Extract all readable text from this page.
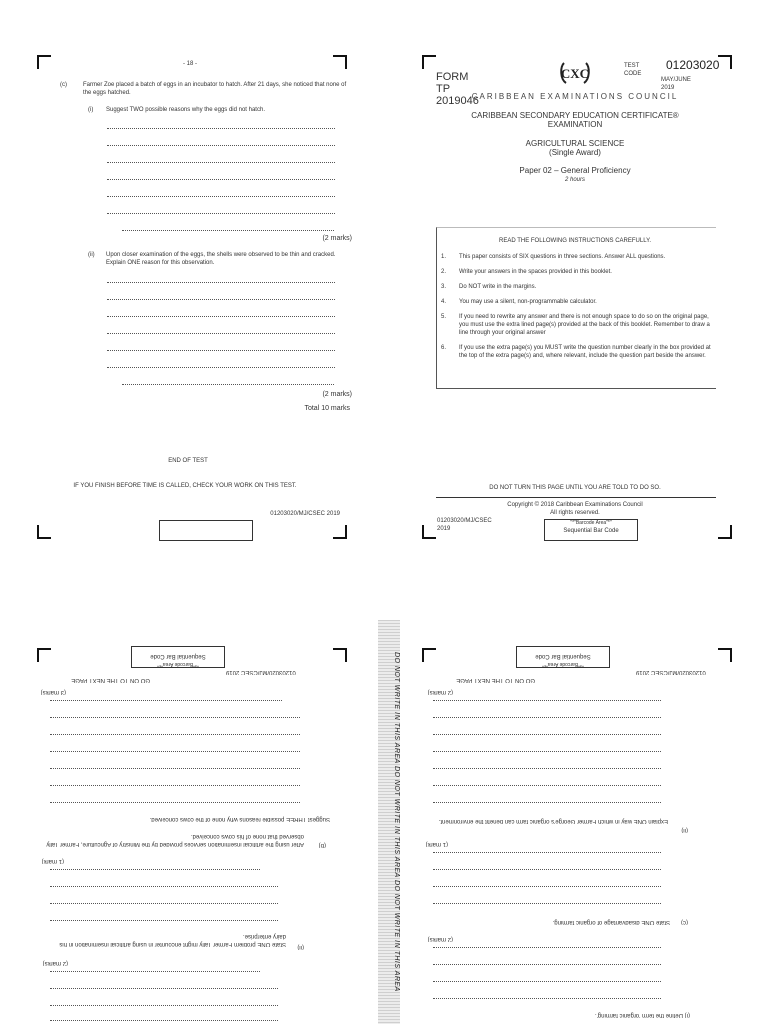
- 18 -
(c)	Farmer Zoe placed a batch of eggs in an incubator to hatch. After 21 days, she noticed that none of the eggs hatched.
(i) Suggest TWO possible reasons why the eggs did not hatch.
(2 marks)
(ii) Upon closer examination of the eggs, the shells were observed to be thin and cracked. Explain ONE reason for this observation.
(2 marks)
Total 10 marks
END OF TEST
IF YOU FINISH BEFORE TIME IS CALLED, CHECK YOUR WORK ON THIS TEST.
01203020/MJ/CSEC 2019
FORM TP 2019046
CXC	TEST CODE
01203020
MAY/JUNE 2019
CARIBBEAN EXAMINATIONS COUNCIL
CARIBBEAN SECONDARY EDUCATION CERTIFICATE®
EXAMINATION
AGRICULTURAL SCIENCE
(Single Award)
Paper 02 – General Proficiency
2 hours
READ THE FOLLOWING INSTRUCTIONS CAREFULLY.
1. This paper consists of SIX questions in three sections. Answer ALL questions.
2. Write your answers in the spaces provided in this booklet.
3. Do NOT write in the margins.
4. You may use a silent, non-programmable calculator.
5. If you need to rewrite any answer and there is not enough space to do so on the original page, you must use the extra lined page(s) provided at the back of this booklet. Remember to draw a line through your original answer
6. If you use the extra page(s) you MUST write the question number clearly in the box provided at the top of the extra page(s) and, where relevant, include the question part beside the answer.
DO NOT TURN THIS PAGE UNTIL YOU ARE TOLD TO DO SO.
Copyright © 2018 Caribbean Examinations Council
All rights reserved.
01203020/MJ/CSEC 2019
"*"Barcode Area"*"
Sequential Bar Code
"*"Barcode Area"*"
Sequential Bar Code
01203020/MJ/CSEC 2019
GO ON TO THE NEXT PAGE
(3 marks)
Suggest THREE possible reasons why none of the cows conceived.
After using the artificial insemination services provided by the Ministry of Agriculture, Farmer Tally observed that none of his cows conceived.
(b)
(1 mark)
State ONE problem Farmer Tally might encounter in using artificial insemination in his dairy enterprise.
(ii)
(2 marks)	DO NOT WRITE IN THIS AREA DO NOT WRITE IN THIS AREA DO NOT WRITE IN THIS AREA	"*"Barcode Area"*"
Sequential Bar Code
01203020/MJ/CSEC 2019
GO ON TO THE NEXT PAGE
(2 marks)
Explain ONE way in which Farmer George's organic farm can benefit the environment.
(ii)
(1 mark)
State ONE disadvantage of organic farming.	(c)
(2 marks)
(i) Define the term 'organic farming'.
